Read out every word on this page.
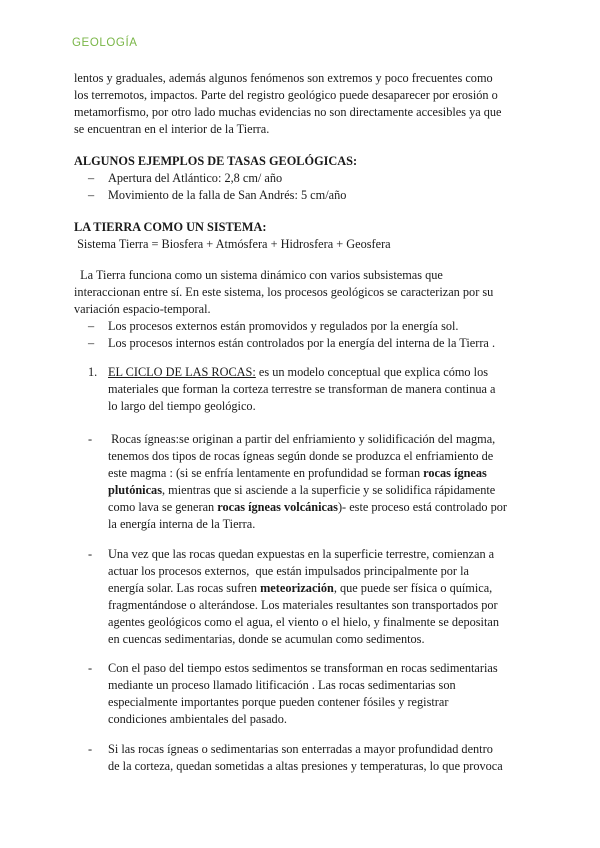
GEOLOGÍA
lentos y graduales, además algunos fenómenos son extremos y poco frecuentes como
los terremotos, impactos. Parte del registro geológico puede desaparecer por erosión o
metamorfismo, por otro lado muchas evidencias no son directamente accesibles ya que
se encuentran en el interior de la Tierra.
ALGUNOS EJEMPLOS DE TASAS GEOLÓGICAS:
– Apertura del Atlántico: 2,8 cm/ año
– Movimiento de la falla de San Andrés: 5 cm/año
LA TIERRA COMO UN SISTEMA:
Sistema Tierra = Biosfera + Atmósfera + Hidrosfera + Geosfera
La Tierra funciona como un sistema dinámico con varios subsistemas que
interaccionan entre sí. En este sistema, los procesos geológicos se caracterizan por su
variación espacio-temporal.
– Los procesos externos están promovidos y regulados por la energía sol.
– Los procesos internos están controlados por la energía del interna de la Tierra .
1. EL CICLO DE LAS ROCAS: es un modelo conceptual que explica cómo los
materiales que forman la corteza terrestre se transforman de manera continua a
lo largo del tiempo geológico.
- Rocas ígneas:se originan a partir del enfriamiento y solidificación del magma,
tenemos dos tipos de rocas ígneas según donde se produzca el enfriamiento de
este magma : (si se enfría lentamente en profundidad se forman rocas ígneas
plutónicas, mientras que si asciende a la superficie y se solidifica rápidamente
como lava se generan rocas ígneas volcánicas)- este proceso está controlado por
la energía interna de la Tierra.
- Una vez que las rocas quedan expuestas en la superficie terrestre, comienzan a
actuar los procesos externos,  que están impulsados principalmente por la
energía solar. Las rocas sufren meteorización, que puede ser física o química,
fragmentándose o alterándose. Los materiales resultantes son transportados por
agentes geológicos como el agua, el viento o el hielo, y finalmente se depositan
en cuencas sedimentarias, donde se acumulan como sedimentos.
- Con el paso del tiempo estos sedimentos se transforman en rocas sedimentarias
mediante un proceso llamado litificación . Las rocas sedimentarias son
especialmente importantes porque pueden contener fósiles y registrar
condiciones ambientales del pasado.
- Si las rocas ígneas o sedimentarias son enterradas a mayor profundidad dentro
de la corteza, quedan sometidas a altas presiones y temperaturas, lo que provoca
